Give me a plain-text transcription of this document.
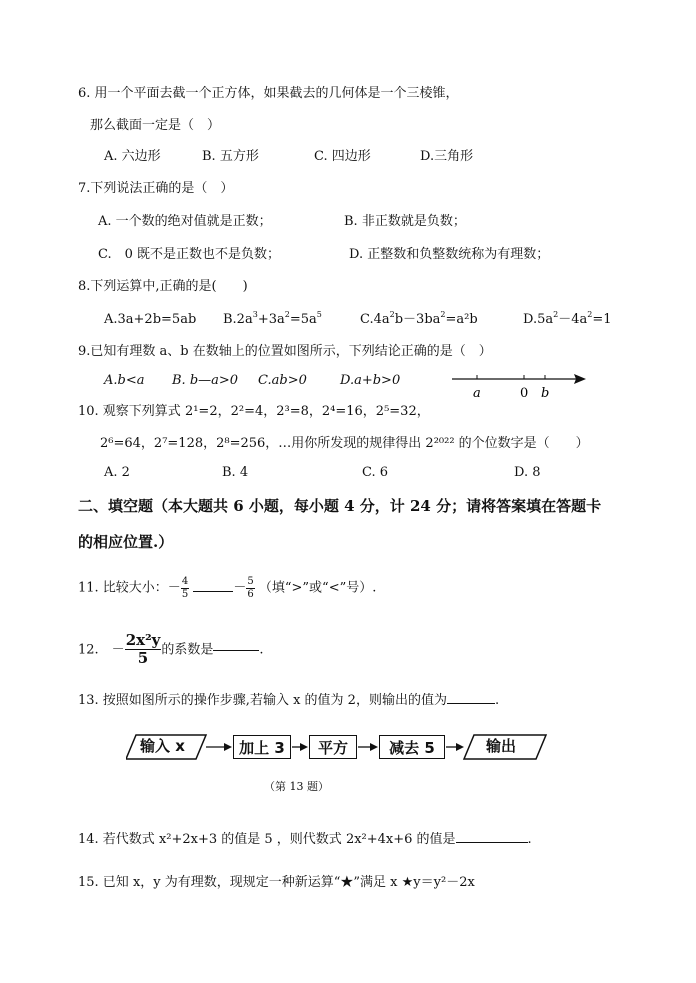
6. 用一个平面去截一个正方体，如果截去的几何体是一个三棱锥，
那么截面一定是（　）
A. 六边形	B. 五方形	C. 四边形	D.三角形
7.下列说法正确的是（　）
A. 一个数的绝对值就是正数；	B. 非正数就是负数；
C.　0 既不是正数也不是负数；	D. 正整数和负整数统称为有理数；
8.下列运算中,正确的是(　　)
A.3a+2b=5ab $B.2a^3+3a^2=5a^5$	$C.4a^2b-3ba^2=a^2b$	$D.5a^2-4a^2=1$
9.已知有理数 a、b 在数轴上的位置如图所示，下列结论正确的是（　）
A.b<a B. b—a>0 C.ab>0	D.a+b>0
a	0 b
10. 观察下列算式 2¹=2，2²=4，2³=8，2⁴=16，2⁵=32，
2⁶=64，2⁷=128，2⁸=256，…用你所发现的规律得出 2²⁰²² 的个位数字是（　　）
A. 2	B. 4	C. 6	D. 8
二、填空题（本大题共 6 小题，每小题 4 分，计 24 分；请将答案填在答题卡
的相应位置.）
11. 比较大小：－ $\frac{4}{5}$	－ $\frac{5}{6}$ （填“>”或“<”号）.
12.　－ $\frac{\text{2x²y}}{5}$ 的系数是	.
13. 按照如图所示的操作步骤,若输入 x 的值为 2，则输出的值为	.
输入 x	加上 3 平方	减去 5	输出
（第 13 题）
14. 若代数式 x²+2x+3 的值是 5 ，则代数式 2x²+4x+6 的值是	.
15. 已知 x，y 为有理数，现规定一种新运算“★”满足 x ★y＝y²－2x
